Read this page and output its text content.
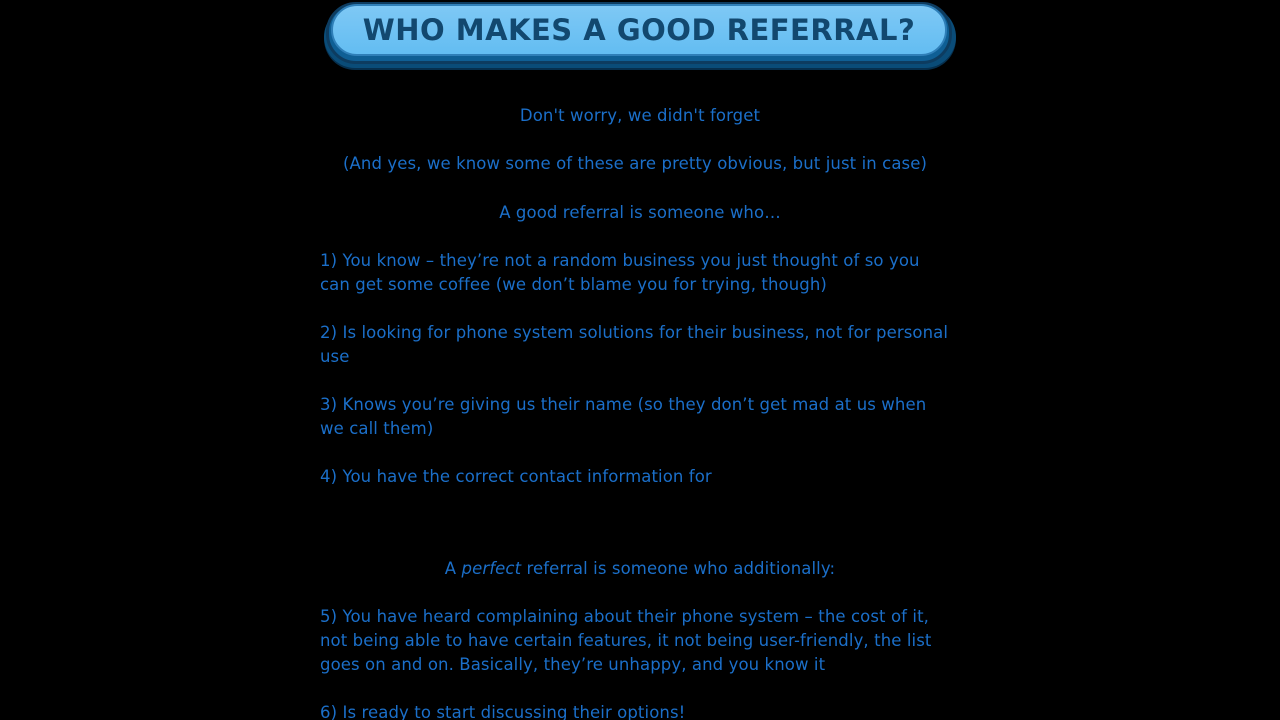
WHO MAKES A GOOD REFERRAL?
Don't worry, we didn't forget
(And yes, we know some of these are pretty obvious, but just in case)
A good referral is someone who…
1) You know – they’re not a random business you just thought of so you can get some coffee (we don’t blame you for trying, though)
2) Is looking for phone system solutions for their business, not for personal use
3) Knows you’re giving us their name (so they don’t get mad at us when we call them)
4) You have the correct contact information for
A perfect referral is someone who additionally:
5) You have heard complaining about their phone system – the cost of it, not being able to have certain features, it not being user-friendly, the list goes on and on. Basically, they’re unhappy, and you know it
6) Is ready to start discussing their options!
